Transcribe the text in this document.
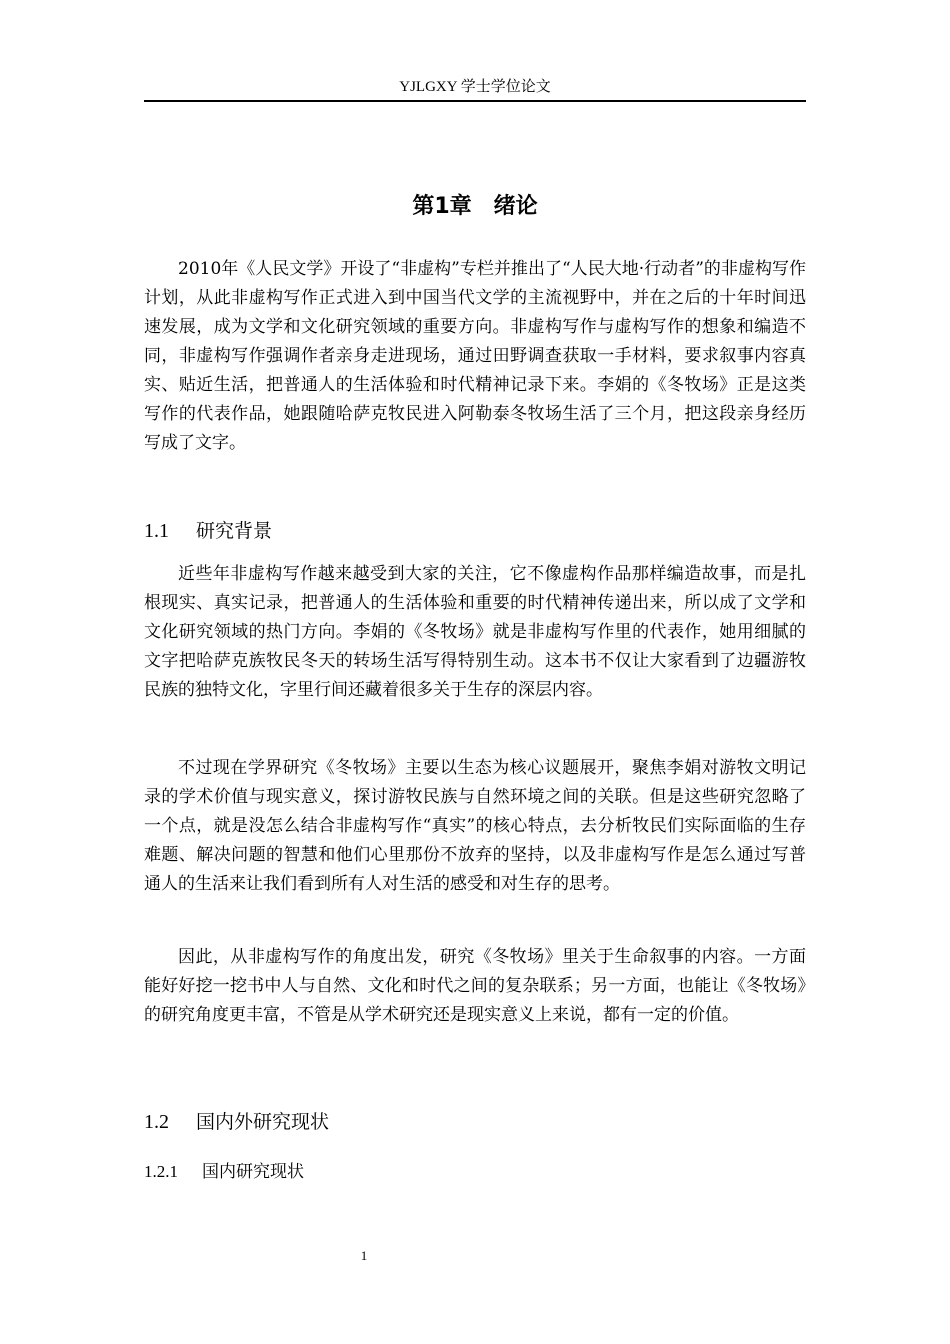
YJLGXY 学士学位论文
第1章 绪论

2010年《人民文学》开设了“非虚构”专栏并推出了“人民大地·行动者”的非虚构写作计划，从此非虚构写作正式进入到中国当代文学的主流视野中，并在之后的十年时间迅速发展，成为文学和文化研究领域的重要方向。非虚构写作与虚构写作的想象和编造不同，非虚构写作强调作者亲身走进现场，通过田野调查获取一手材料，要求叙事内容真实、贴近生活，把普通人的生活体验和时代精神记录下来。李娟的《冬牧场》正是这类写作的代表作品，她跟随哈萨克牧民进入阿勒泰冬牧场生活了三个月，把这段亲身经历写成了文字。

1.1 研究背景

近些年非虚构写作越来越受到大家的关注，它不像虚构作品那样编造故事，而是扎根现实、真实记录，把普通人的生活体验和重要的时代精神传递出来，所以成了文学和文化研究领域的热门方向。李娟的《冬牧场》就是非虚构写作里的代表作，她用细腻的文字把哈萨克族牧民冬天的转场生活写得特别生动。这本书不仅让大家看到了边疆游牧民族的独特文化，字里行间还藏着很多关于生存的深层内容。

不过现在学界研究《冬牧场》主要以生态为核心议题展开，聚焦李娟对游牧文明记录的学术价值与现实意义，探讨游牧民族与自然环境之间的关联。但是这些研究忽略了一个点，就是没怎么结合非虚构写作“真实”的核心特点，去分析牧民们实际面临的生存难题、解决问题的智慧和他们心里那份不放弃的坚持，以及非虚构写作是怎么通过写普通人的生活来让我们看到所有人对生活的感受和对生存的思考。

因此，从非虚构写作的角度出发，研究《冬牧场》里关于生命叙事的内容。一方面能好好挖一挖书中人与自然、文化和时代之间的复杂联系；另一方面，也能让《冬牧场》的研究角度更丰富，不管是从学术研究还是现实意义上来说，都有一定的价值。

1.2 国内外研究现状
1.2.1 国内研究现状
1
